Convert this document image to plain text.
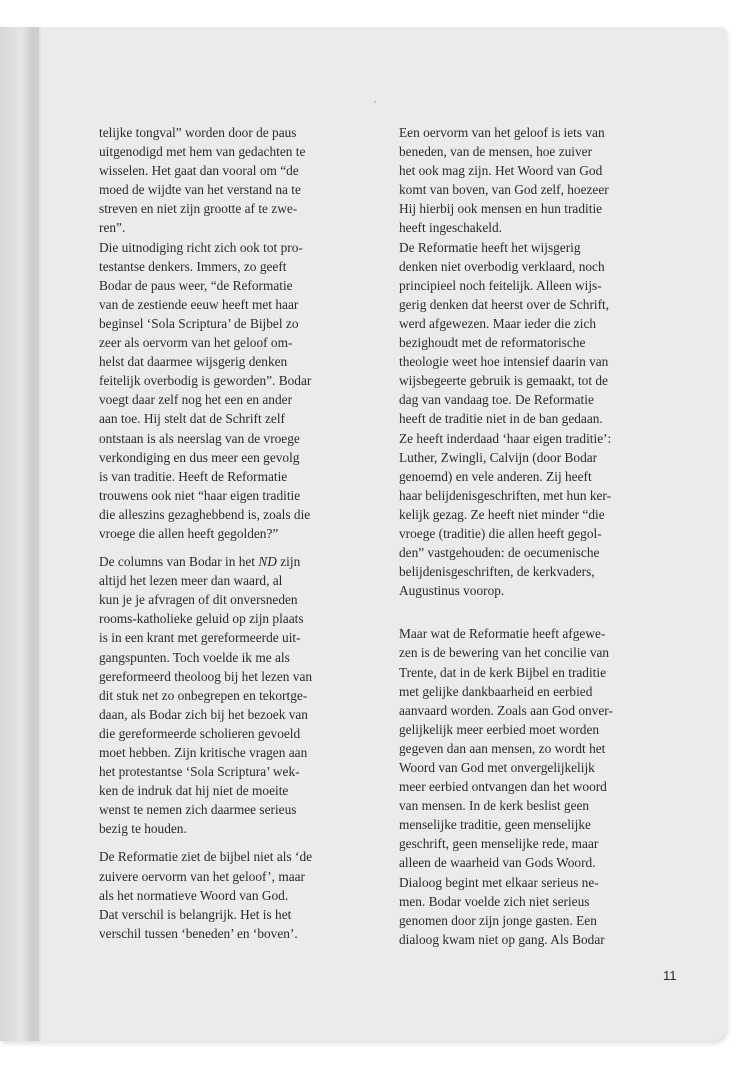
telijke tongval” worden door de paus
uitgenodigd met hem van gedachten te
wisselen. Het gaat dan vooral om “de
moed de wijdte van het verstand na te
streven en niet zijn grootte af te zwe-
ren”.

Die uitnodiging richt zich ook tot pro-
testantse denkers. Immers, zo geeft
Bodar de paus weer, “de Reformatie
van de zestiende eeuw heeft met haar
beginsel ‘Sola Scriptura’ de Bijbel zo
zeer als oervorm van het geloof om-
helst dat daarmee wijsgerig denken
feitelijk overbodig is geworden”. Bodar
voegt daar zelf nog het een en ander
aan toe. Hij stelt dat de Schrift zelf
ontstaan is als neerslag van de vroege
verkondiging en dus meer een gevolg
is van traditie. Heeft de Reformatie
trouwens ook niet “haar eigen traditie
die alleszins gezaghebbend is, zoals die
vroege die allen heeft gegolden?”

De columns van Bodar in het ND zijn
altijd het lezen meer dan waard, al
kun je je afvragen of dit onversneden
rooms-katholieke geluid op zijn plaats
is in een krant met gereformeerde uit-
gangspunten. Toch voelde ik me als
gereformeerd theoloog bij het lezen van
dit stuk net zo onbegrepen en tekortge-
daan, als Bodar zich bij het bezoek van
die gereformeerde scholieren gevoeld
moet hebben. Zijn kritische vragen aan
het protestantse ‘Sola Scriptura’ wek-
ken de indruk dat hij niet de moeite
wenst te nemen zich daarmee serieus
bezig te houden.

De Reformatie ziet de bijbel niet als ‘de
zuivere oervorm van het geloof’, maar
als het normatieve Woord van God.
Dat verschil is belangrijk. Het is het
verschil tussen ‘beneden’ en ‘boven’.

Een oervorm van het geloof is iets van
beneden, van de mensen, hoe zuiver
het ook mag zijn. Het Woord van God
komt van boven, van God zelf, hoezeer
Hij hierbij ook mensen en hun traditie
heeft ingeschakeld.

De Reformatie heeft het wijsgerig
denken niet overbodig verklaard, noch
principieel noch feitelijk. Alleen wijs-
gerig denken dat heerst over de Schrift,
werd afgewezen. Maar ieder die zich
bezighoudt met de reformatorische
theologie weet hoe intensief daarin van
wijsbegeerte gebruik is gemaakt, tot de
dag van vandaag toe. De Reformatie
heeft de traditie niet in de ban gedaan.
Ze heeft inderdaad ‘haar eigen traditie’:
Luther, Zwingli, Calvijn (door Bodar
genoemd) en vele anderen. Zij heeft
haar belijdenisgeschriften, met hun ker-
kelijk gezag. Ze heeft niet minder “die
vroege (traditie) die allen heeft gegol-
den” vastgehouden: de oecumenische
belijdenisgeschriften, de kerkvaders,
Augustinus voorop.

Maar wat de Reformatie heeft afgewe-
zen is de bewering van het concilie van
Trente, dat in de kerk Bijbel en traditie
met gelijke dankbaarheid en eerbied
aanvaard worden. Zoals aan God onver-
gelijkelijk meer eerbied moet worden
gegeven dan aan mensen, zo wordt het
Woord van God met onvergelijkelijk
meer eerbied ontvangen dan het woord
van mensen. In de kerk beslist geen
menselijke traditie, geen menselijke
geschrift, geen menselijke rede, maar
alleen de waarheid van Gods Woord.
Dialoog begint met elkaar serieus ne-
men. Bodar voelde zich niet serieus
genomen door zijn jonge gasten. Een
dialoog kwam niet op gang. Als Bodar

11
